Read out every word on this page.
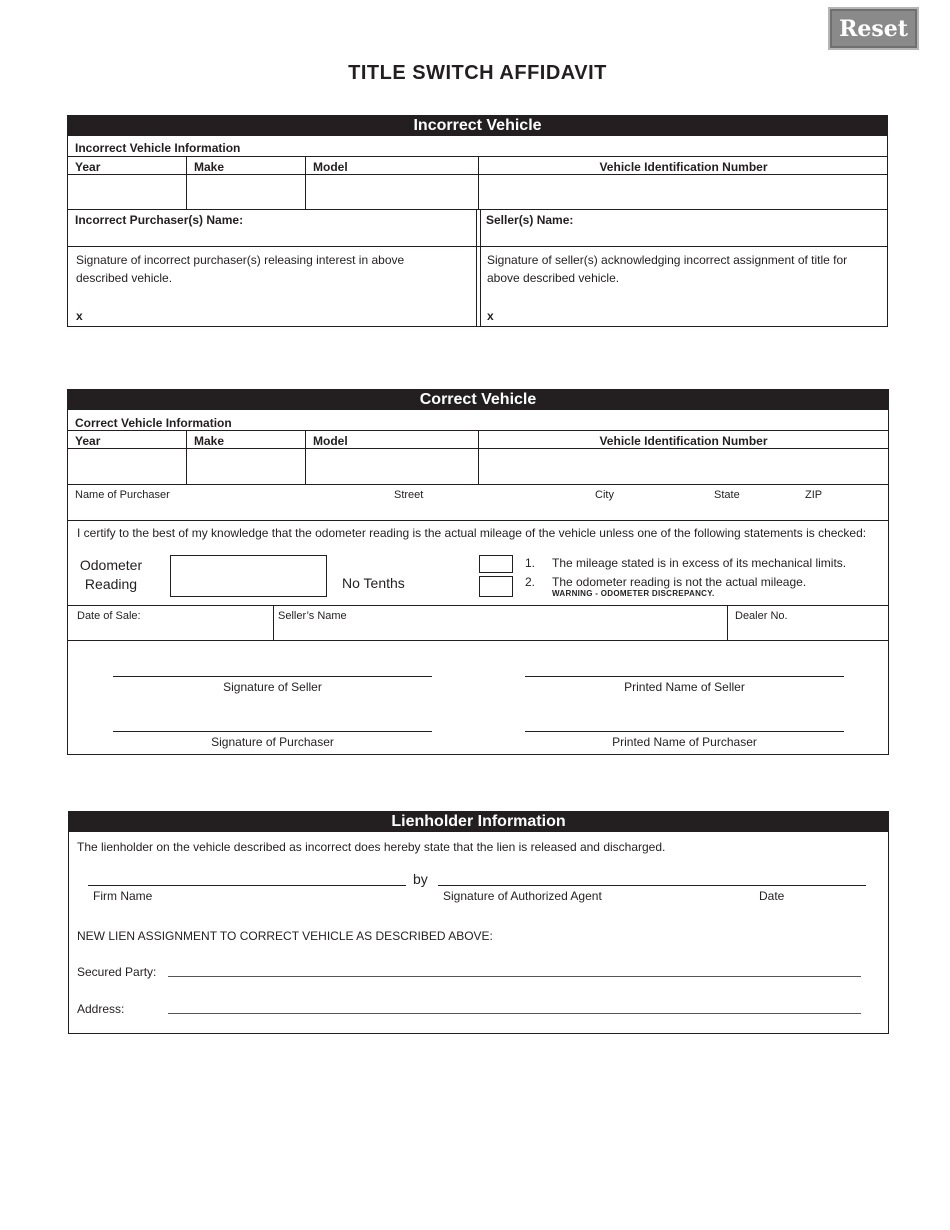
Reset
TITLE SWITCH AFFIDAVIT
Incorrect Vehicle
Incorrect Vehicle Information
Year	Make	Model	Vehicle Identification Number
Incorrect Purchaser(s) Name:	Seller(s) Name:
Signature of incorrect purchaser(s) releasing interest in above
described vehicle.
x
Signature of seller(s) acknowledging incorrect assignment of title for
above described vehicle.
x
Correct Vehicle
Correct Vehicle Information
Year	Make	Model	Vehicle Identification Number
Name of Purchaser	Street	City	State	ZIP
I certify to the best of my knowledge that the odometer reading is the actual mileage of the vehicle unless one of the following statements is checked:
Odometer
Reading	No Tenths
1. The mileage stated is in excess of its mechanical limits.
2. The odometer reading is not the actual mileage.
WARNING - ODOMETER DISCREPANCY.
Date of Sale:	Seller’s Name	Dealer No.
Signature of Seller	Printed Name of Seller
Signature of Purchaser	Printed Name of Purchaser
Lienholder Information
The lienholder on the vehicle described as incorrect does hereby state that the lien is released and discharged.
by
Firm Name	Signature of Authorized Agent	Date
NEW LIEN ASSIGNMENT TO CORRECT VEHICLE AS DESCRIBED ABOVE:
Secured Party:
Address:
